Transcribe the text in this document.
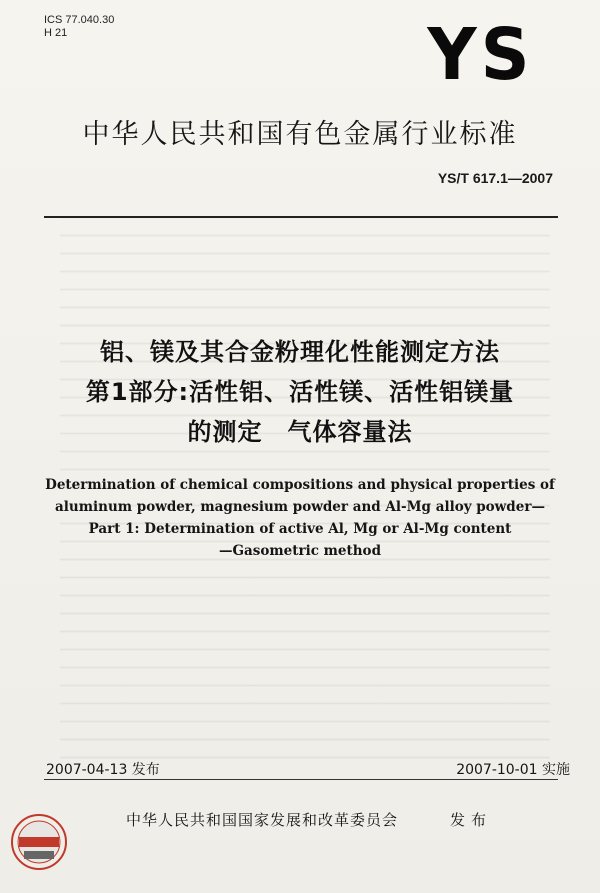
ICS 77.040.30
H 21	YS
中华人民共和国有色金属行业标准
YS/T 617.1—2007
铝、镁及其合金粉理化性能测定方法
第1部分:活性铝、活性镁、活性铝镁量
的测定　气体容量法
Determination of chemical compositions and physical properties of
aluminum powder, magnesium powder and Al-Mg alloy powder—
Part 1: Determination of active Al, Mg or Al-Mg content
—Gasometric method
2007-04-13 发布	2007-10-01 实施
中华人民共和国国家发展和改革委员会	发布
